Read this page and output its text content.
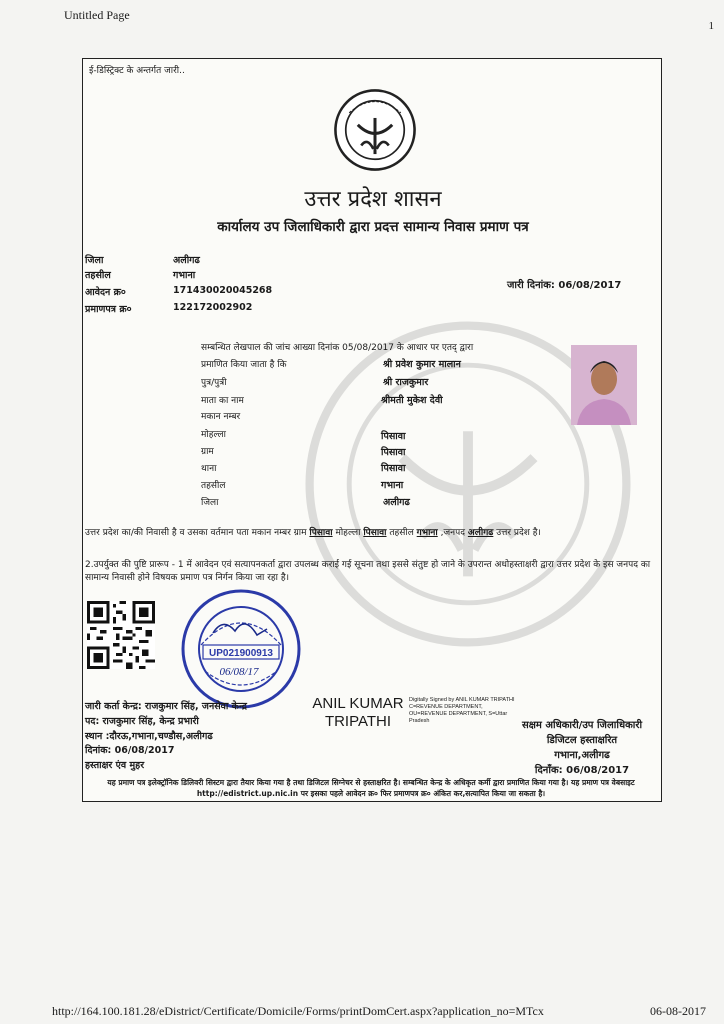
Untitled Page
1
ई-डिस्ट्रिक्ट के अन्तर्गत जारी..
उत्तर प्रदेश शासन
कार्यालय उप जिलाधिकारी द्वारा प्रदत्त सामान्य निवास प्रमाण पत्र
जिला	अलीगढ
तहसील	गभाना
आवेदन क्र०	171430020045268
प्रमाणपत्र क्र०	122172002902
जारी दिनांक: 06/08/2017
सम्बन्धित लेखपाल की जांच आख्या दिनांक 05/08/2017 के आधार पर एतद् द्वारा
प्रमाणित किया जाता है कि	श्री प्रवेश कुमार मालान
पुत्र/पुत्री	श्री राजकुमार
माता का नाम	श्रीमती मुकेश देवी
मकान नम्बर
मोहल्ला	पिसावा
ग्राम	पिसावा
थाना	पिसावा
तहसील	गभाना
जिला	अलीगढ
उत्तर प्रदेश का/की निवासी है व उसका वर्तमान पता मकान नम्बर ग्राम पिसावा मोहल्ला पिसावा तहसील गभाना ,जनपद अलीगढ उत्तर प्रदेश है।
2.उपर्युक्त की पुष्टि प्रारूप - 1 में आवेदन एवं सत्यापनकर्ता द्वारा उपलब्ध कराई गई सूचना तथा इससे संतुष्ट हो जाने के उपरान्त अधोहस्ताक्षरी द्वारा उत्तर प्रदेश के इस जनपद का सामान्य निवासी होने विषयक प्रमाण पत्र निर्गन किया जा रहा है।
UP021900913
06/08/17
जारी कर्ता केन्द्र: राजकुमार सिंह, जनसेवा केन्द्र
पद: राजकुमार सिंह, केन्द्र प्रभारी
स्थान :दौरऊ,गभाना,चण्डौस,अलीगढ
दिनांक: 06/08/2017
हस्ताक्षर एंव मुहर
ANIL KUMAR
TRIPATHI
Digitally Signed by ANIL KUMAR TRIPATHI C=REVENUE DEPARTMENT, OU=REVENUE DEPARTMENT, S=Uttar Pradesh	सक्षम अधिकारी/उप जिलाधिकारी
डिजिटल हस्ताक्षरित
गभाना,अलीगढ
दिनाँक: 06/08/2017
यह प्रमाण पत्र इलेक्ट्रॉनिक डिलिवरी सिस्टम द्वारा तैयार किया गया है तथा डिजिटल सिग्नेचर से हस्ताक्षरित है। सम्बन्धित केन्द्र के अधिकृत कर्मी द्वारा प्रमाणित किया गया है। यह प्रमाण पत्र वेबसाइट http://edistrict.up.nic.in पर इसका पहले आवेदन क्र० फिर प्रमाणपत्र क्र० अंकित कर,सत्यापित किया जा सकता है।
http://164.100.181.28/eDistrict/Certificate/Domicile/Forms/printDomCert.aspx?application_no=MTcx	06-08-2017
